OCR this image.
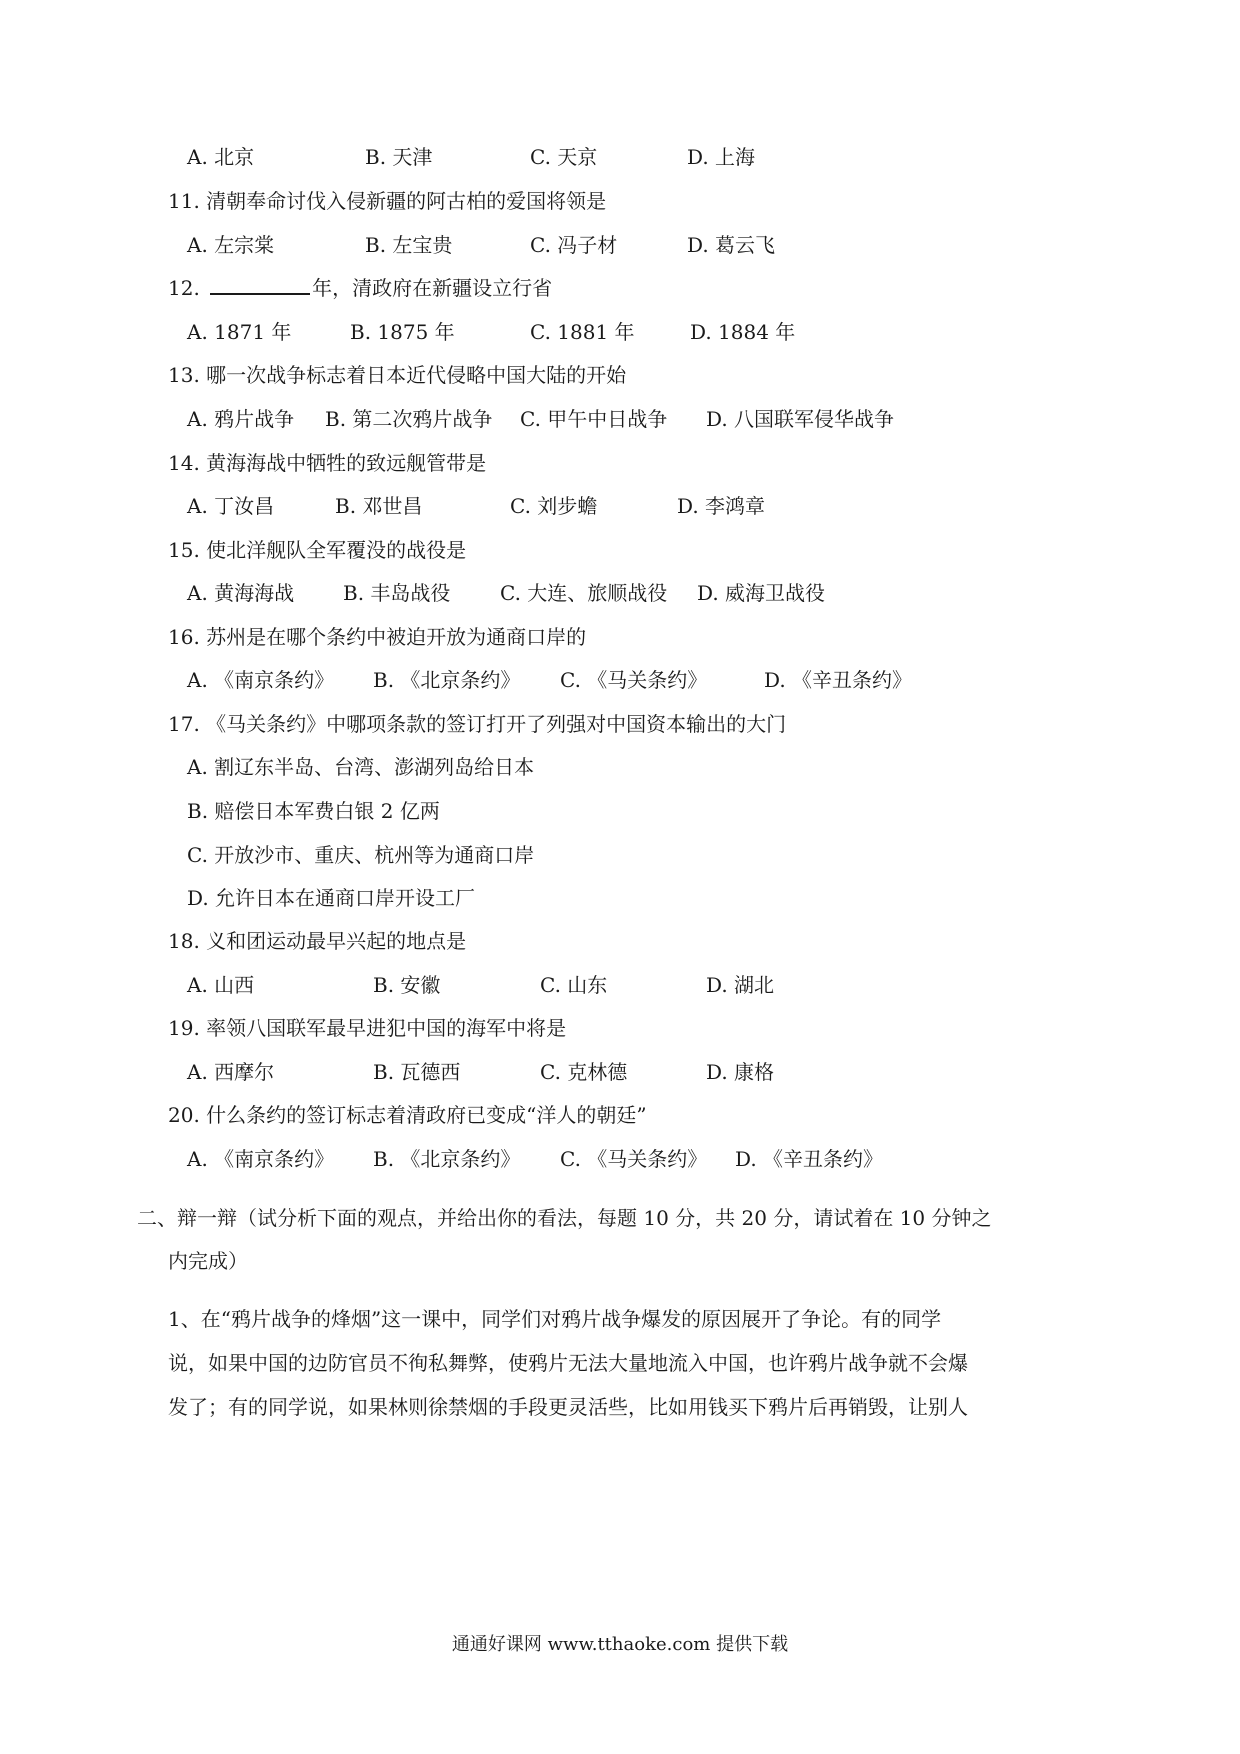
A. 北京	B. 天津	C. 天京	D. 上海
11. 清朝奉命讨伐入侵新疆的阿古柏的爱国将领是
A. 左宗棠	B. 左宝贵	C. 冯子材	D. 葛云飞
12.	年，清政府在新疆设立行省
A. 1871 年	B. 1875 年	C. 1881 年	D. 1884 年
13. 哪一次战争标志着日本近代侵略中国大陆的开始
A. 鸦片战争 B. 第二次鸦片战争 C. 甲午中日战争 D. 八国联军侵华战争
14. 黄海海战中牺牲的致远舰管带是
A. 丁汝昌	B. 邓世昌	C. 刘步蟾	D. 李鸿章
15. 使北洋舰队全军覆没的战役是
A. 黄海海战 B. 丰岛战役 C. 大连、旅顺战役 D. 威海卫战役
16. 苏州是在哪个条约中被迫开放为通商口岸的
A. 《南京条约》 B. 《北京条约》 C. 《马关条约》	D. 《辛丑条约》
17. 《马关条约》中哪项条款的签订打开了列强对中国资本输出的大门
A. 割辽东半岛、台湾、澎湖列岛给日本
B. 赔偿日本军费白银 2 亿两
C. 开放沙市、重庆、杭州等为通商口岸
D. 允许日本在通商口岸开设工厂
18. 义和团运动最早兴起的地点是
A. 山西	B. 安徽	C. 山东	D. 湖北
19. 率领八国联军最早进犯中国的海军中将是
A. 西摩尔	B. 瓦德西	C. 克林德	D. 康格
20. 什么条约的签订标志着清政府已变成“洋人的朝廷”
A. 《南京条约》 B. 《北京条约》 C. 《马关条约》 D. 《辛丑条约》
二、辩一辩（试分析下面的观点，并给出你的看法，每题 10 分，共 20 分，请试着在 10 分钟之
内完成）
1、在“鸦片战争的烽烟”这一课中，同学们对鸦片战争爆发的原因展开了争论。有的同学
说，如果中国的边防官员不徇私舞弊，使鸦片无法大量地流入中国，也许鸦片战争就不会爆
发了；有的同学说，如果林则徐禁烟的手段更灵活些，比如用钱买下鸦片后再销毁，让别人
通通好课网 www.tthaoke.com 提供下载
